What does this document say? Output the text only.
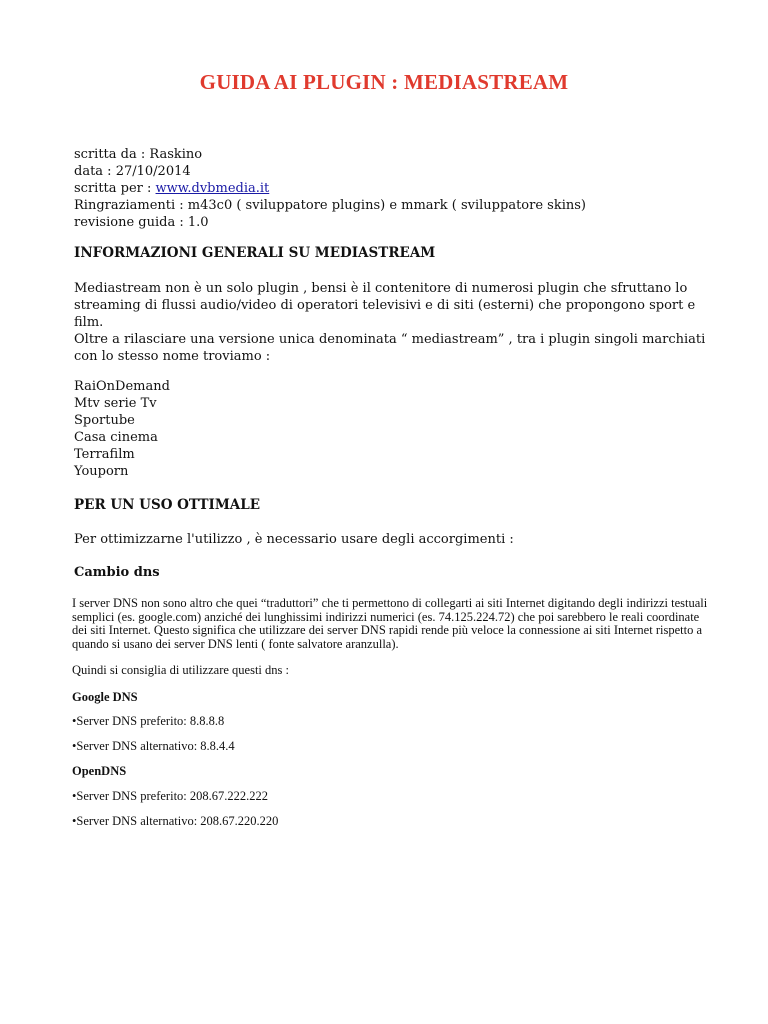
GUIDA AI PLUGIN : MEDIASTREAM

scritta da : Raskino

data : 27/10/2014

scritta per : www.dvbmedia.it

Ringraziamenti : m43c0 ( sviluppatore plugins) e mmark ( sviluppatore skins)

revisione guida : 1.0

INFORMAZIONI GENERALI SU MEDIASTREAM

Mediastream non è un solo plugin , bensi è il contenitore di numerosi plugin che sfruttano lo streaming di flussi audio/video di operatori televisivi e di siti (esterni) che propongono sport e film.

Oltre a rilasciare una versione unica denominata “ mediastream” , tra i plugin singoli marchiati con lo stesso nome troviamo :

RaiOnDemand
Mtv serie Tv
Sportube
Casa cinema
Terrafilm
Youporn
PER UN USO OTTIMALE

Per ottimizzarne l'utilizzo , è necessario usare degli accorgimenti :

Cambio dns

I server DNS non sono altro che quei “traduttori” che ti permettono di collegarti ai siti Internet digitando degli indirizzi testuali semplici (es. google.com) anziché dei lunghissimi indirizzi numerici (es. 74.125.224.72) che poi sarebbero le reali coordinate dei siti Internet. Questo significa che utilizzare dei server DNS rapidi rende più veloce la connessione ai siti Internet rispetto a quando si usano dei server DNS lenti ( fonte salvatore aranzulla).

Quindi si consiglia di utilizzare questi dns :

Google DNS

•Server DNS preferito: 8.8.8.8

•Server DNS alternativo: 8.8.4.4

OpenDNS

•Server DNS preferito: 208.67.222.222

•Server DNS alternativo: 208.67.220.220
